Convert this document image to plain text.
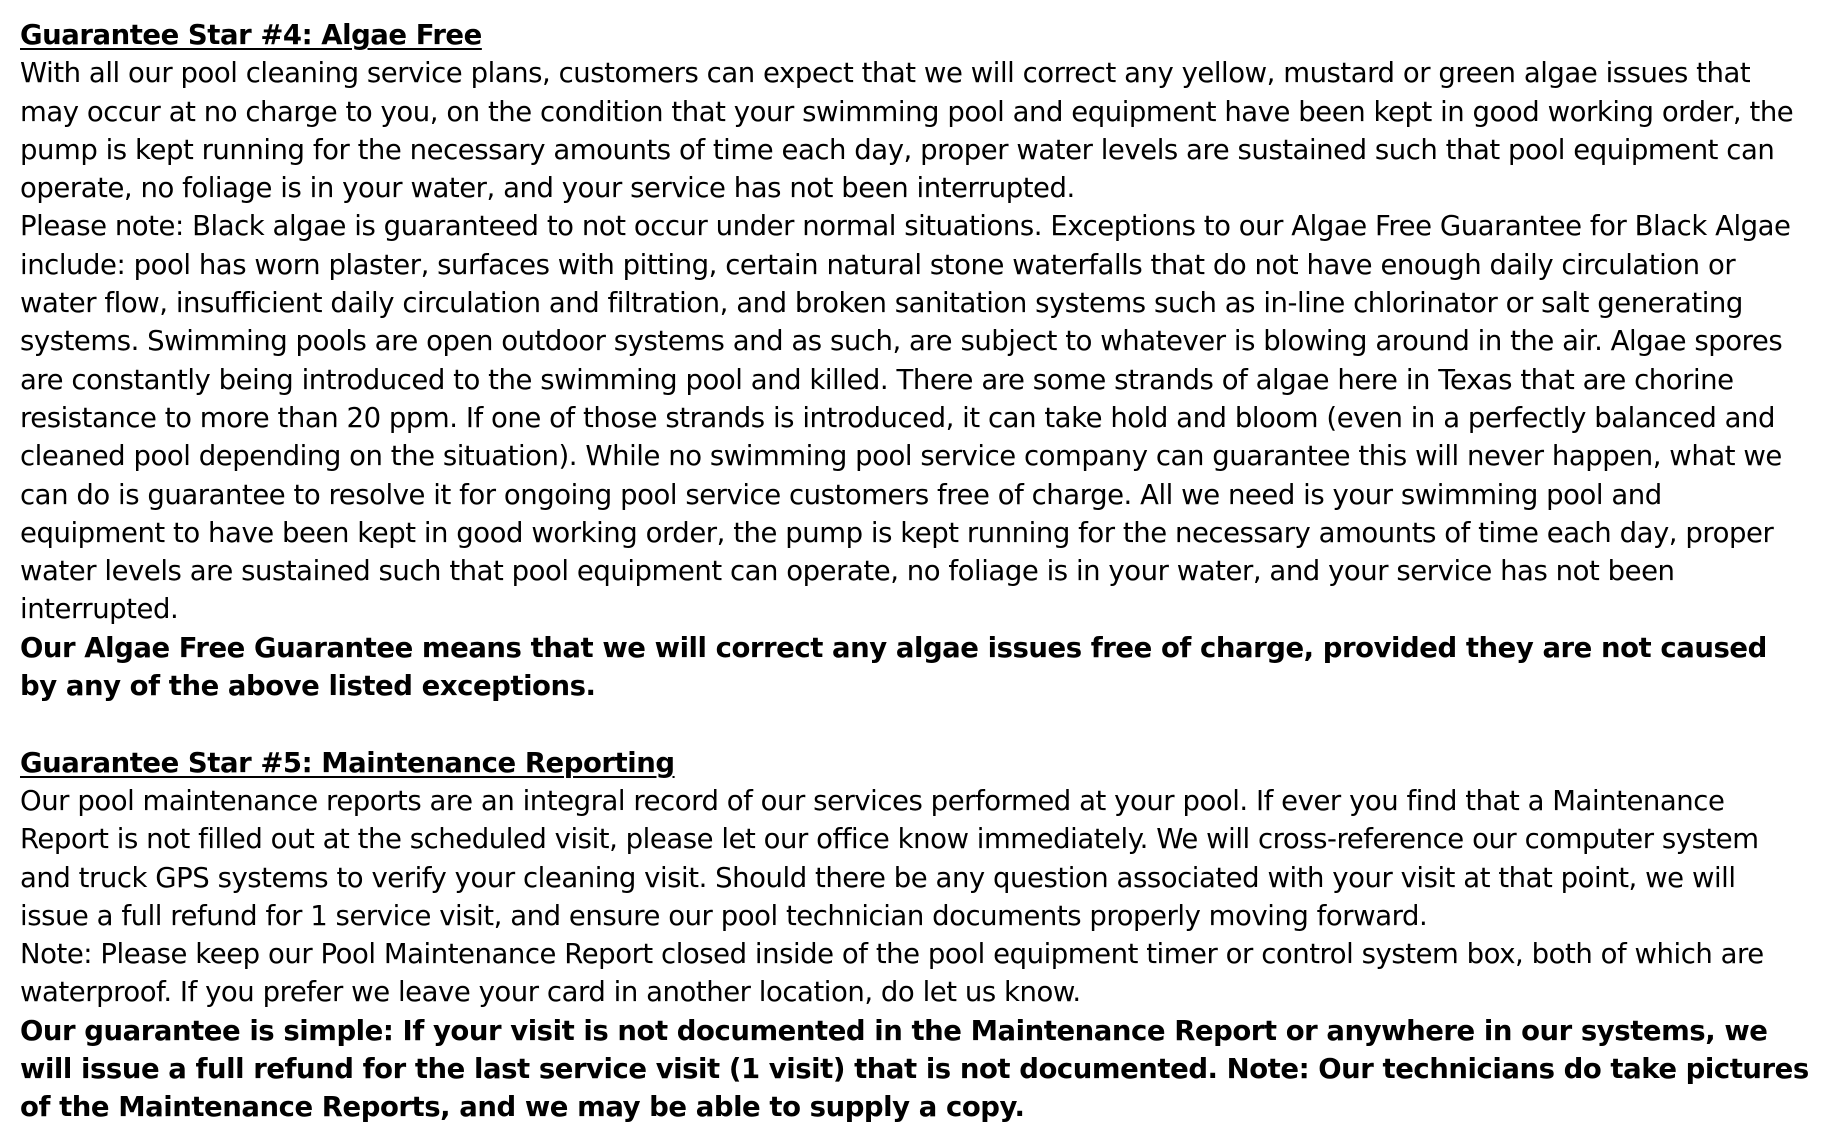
Guarantee Star #4: Algae Free

With all our pool cleaning service plans, customers can expect that we will correct any yellow, mustard or green algae issues that may occur at no charge to you, on the condition that your swimming pool and equipment have been kept in good working order, the pump is kept running for the necessary amounts of time each day, proper water levels are sustained such that pool equipment can operate, no foliage is in your water, and your service has not been interrupted.

Please note: Black algae is guaranteed to not occur under normal situations. Exceptions to our Algae Free Guarantee for Black Algae include: pool has worn plaster, surfaces with pitting, certain natural stone waterfalls that do not have enough daily circulation or water flow, insufficient daily circulation and filtration, and broken sanitation systems such as in-line chlorinator or salt generating systems. Swimming pools are open outdoor systems and as such, are subject to whatever is blowing around in the air. Algae spores are constantly being introduced to the swimming pool and killed. There are some strands of algae here in Texas that are chorine resistance to more than 20 ppm. If one of those strands is introduced, it can take hold and bloom (even in a perfectly balanced and cleaned pool depending on the situation). While no swimming pool service company can guarantee this will never happen, what we can do is guarantee to resolve it for ongoing pool service customers free of charge. All we need is your swimming pool and equipment to have been kept in good working order, the pump is kept running for the necessary amounts of time each day, proper water levels are sustained such that pool equipment can operate, no foliage is in your water, and your service has not been interrupted.

Our Algae Free Guarantee means that we will correct any algae issues free of charge, provided they are not caused by any of the above listed exceptions.

Guarantee Star #5: Maintenance Reporting

Our pool maintenance reports are an integral record of our services performed at your pool. If ever you find that a Maintenance Report is not filled out at the scheduled visit, please let our office know immediately. We will cross-reference our computer system and truck GPS systems to verify your cleaning visit. Should there be any question associated with your visit at that point, we will issue a full refund for 1 service visit, and ensure our pool technician documents properly moving forward.

Note: Please keep our Pool Maintenance Report closed inside of the pool equipment timer or control system box, both of which are waterproof. If you prefer we leave your card in another location, do let us know.

Our guarantee is simple: If your visit is not documented in the Maintenance Report or anywhere in our systems, we will issue a full refund for the last service visit (1 visit) that is not documented. Note: Our technicians do take pictures of the Maintenance Reports, and we may be able to supply a copy.
